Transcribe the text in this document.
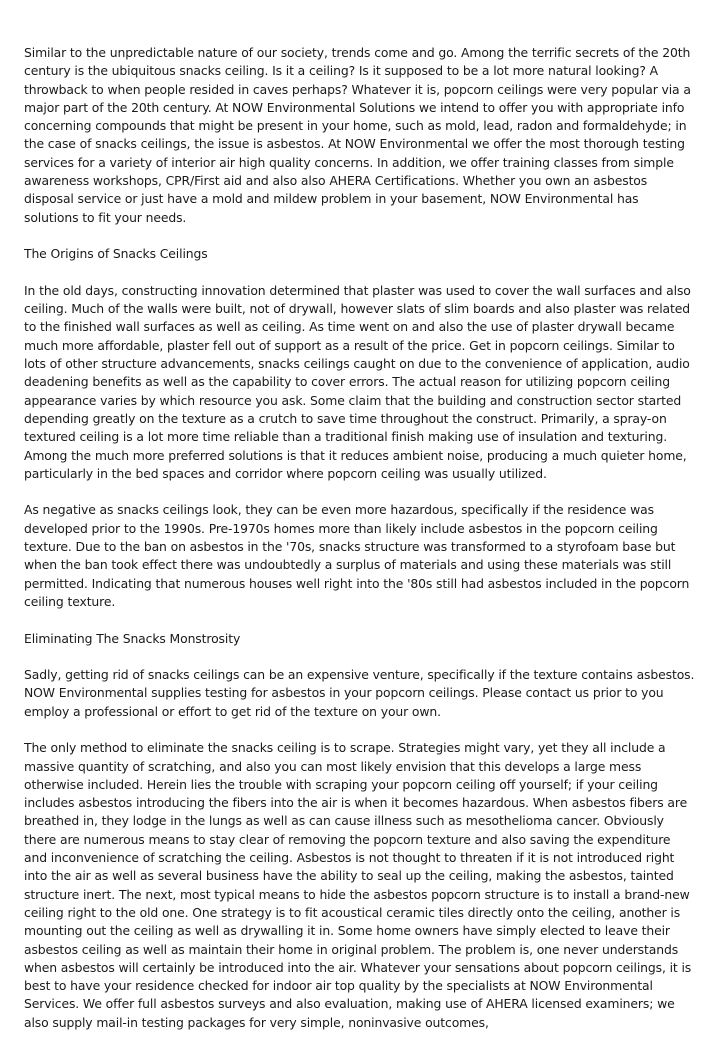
Similar to the unpredictable nature of our society, trends come and go. Among the terrific secrets of the 20th century is the ubiquitous snacks ceiling. Is it a ceiling? Is it supposed to be a lot more natural looking? A throwback to when people resided in caves perhaps? Whatever it is, popcorn ceilings were very popular via a major part of the 20th century. At NOW Environmental Solutions we intend to offer you with appropriate info concerning compounds that might be present in your home, such as mold, lead, radon and formaldehyde; in the case of snacks ceilings, the issue is asbestos. At NOW Environmental we offer the most thorough testing services for a variety of interior air high quality concerns. In addition, we offer training classes from simple awareness workshops, CPR/First aid and also also AHERA Certifications. Whether you own an asbestos disposal service or just have a mold and mildew problem in your basement, NOW Environmental has solutions to fit your needs.

The Origins of Snacks Ceilings

In the old days, constructing innovation determined that plaster was used to cover the wall surfaces and also ceiling. Much of the walls were built, not of drywall, however slats of slim boards and also plaster was related to the finished wall surfaces as well as ceiling. As time went on and also the use of plaster drywall became much more affordable, plaster fell out of support as a result of the price. Get in popcorn ceilings. Similar to lots of other structure advancements, snacks ceilings caught on due to the convenience of application, audio deadening benefits as well as the capability to cover errors. The actual reason for utilizing popcorn ceiling appearance varies by which resource you ask. Some claim that the building and construction sector started depending greatly on the texture as a crutch to save time throughout the construct. Primarily, a spray-on textured ceiling is a lot more time reliable than a traditional finish making use of insulation and texturing. Among the much more preferred solutions is that it reduces ambient noise, producing a much quieter home, particularly in the bed spaces and corridor where popcorn ceiling was usually utilized.

As negative as snacks ceilings look, they can be even more hazardous, specifically if the residence was developed prior to the 1990s. Pre-1970s homes more than likely include asbestos in the popcorn ceiling texture. Due to the ban on asbestos in the '70s, snacks structure was transformed to a styrofoam base but when the ban took effect there was undoubtedly a surplus of materials and using these materials was still permitted. Indicating that numerous houses well right into the '80s still had asbestos included in the popcorn ceiling texture.

Eliminating The Snacks Monstrosity

Sadly, getting rid of snacks ceilings can be an expensive venture, specifically if the texture contains asbestos. NOW Environmental supplies testing for asbestos in your popcorn ceilings. Please contact us prior to you employ a professional or effort to get rid of the texture on your own.

The only method to eliminate the snacks ceiling is to scrape. Strategies might vary, yet they all include a massive quantity of scratching, and also you can most likely envision that this develops a large mess otherwise included. Herein lies the trouble with scraping your popcorn ceiling off yourself; if your ceiling includes asbestos introducing the fibers into the air is when it becomes hazardous. When asbestos fibers are breathed in, they lodge in the lungs as well as can cause illness such as mesothelioma cancer. Obviously there are numerous means to stay clear of removing the popcorn texture and also saving the expenditure and inconvenience of scratching the ceiling. Asbestos is not thought to threaten if it is not introduced right into the air as well as several business have the ability to seal up the ceiling, making the asbestos, tainted structure inert. The next, most typical means to hide the asbestos popcorn structure is to install a brand-new ceiling right to the old one. One strategy is to fit acoustical ceramic tiles directly onto the ceiling, another is mounting out the ceiling as well as drywalling it in. Some home owners have simply elected to leave their asbestos ceiling as well as maintain their home in original problem. The problem is, one never understands when asbestos will certainly be introduced into the air. Whatever your sensations about popcorn ceilings, it is best to have your residence checked for indoor air top quality by the specialists at NOW Environmental Services. We offer full asbestos surveys and also evaluation, making use of AHERA licensed examiners; we also supply mail-in testing packages for very simple, noninvasive outcomes,
